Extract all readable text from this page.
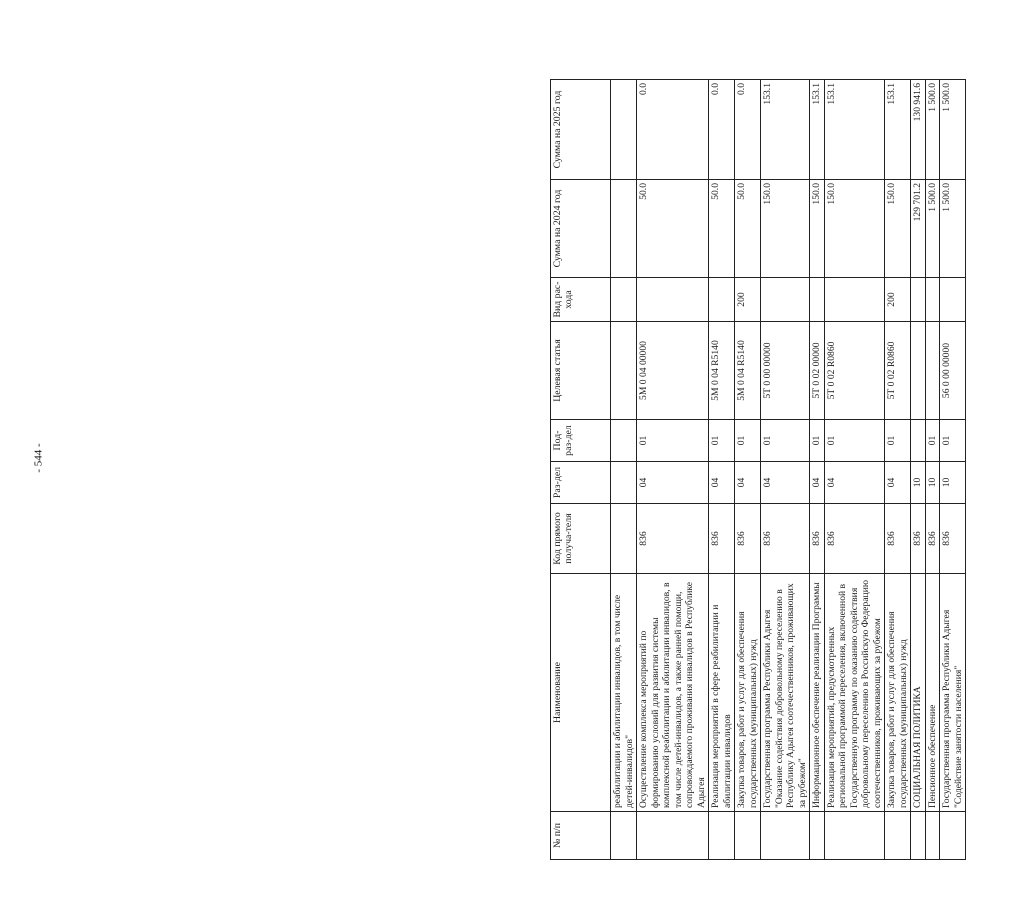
- 544 -
№ п/п	Наименование	Код прямого получа-теля	Раз-дел	Под-раз-дел	Целевая статья	Вид рас-хода	Сумма на 2024 год	Сумма на 2025 год
	реабилитации и абилитации инвалидов, в том числе детей-инвалидов"							
	Осуществление комплекса мероприятий по формированию условий для развития системы комплексной реабилитации и абилитации инвалидов, в том числе детей-инвалидов, а также ранней помощи, сопровождаемого проживания инвалидов в Республике Адыгея	836	04	01	5М 0 04 00000		50.0	0.0
	Реализация мероприятий в сфере реабилитации и абилитации инвалидов	836	04	01	5М 0 04 R5140		50.0	0.0
	Закупка товаров, работ и услуг для обеспечения государственных (муниципальных) нужд	836	04	01	5М 0 04 R5140	200	50.0	0.0
	Государственная программа Республики Адыгея "Оказание содействия добровольному переселению в Республику Адыгея соотечественников, проживающих за рубежом"	836	04	01	5Т 0 00 00000		150.0	153.1
	Информационное обеспечение реализации Программы	836	04	01	5Т 0 02 00000		150.0	153.1
	Реализация мероприятий, предусмотренных региональной программой переселения, включенной в Государственную программу по оказанию содействия добровольному переселению в Российскую Федерацию соотечественников, проживающих за рубежом	836	04	01	5Т 0 02 R0860		150.0	153.1
	Закупка товаров, работ и услуг для обеспечения государственных (муниципальных) нужд	836	04	01	5Т 0 02 R0860	200	150.0	153.1
	СОЦИАЛЬНАЯ ПОЛИТИКА	836	10				129 701.2	130 941.6
	Пенсионное обеспечение	836	10	01			1 500.0	1 500.0
	Государственная программа Республики Адыгея "Содействие занятости населения"	836	10	01	56 0 00 00000		1 500.0	1 500.0
